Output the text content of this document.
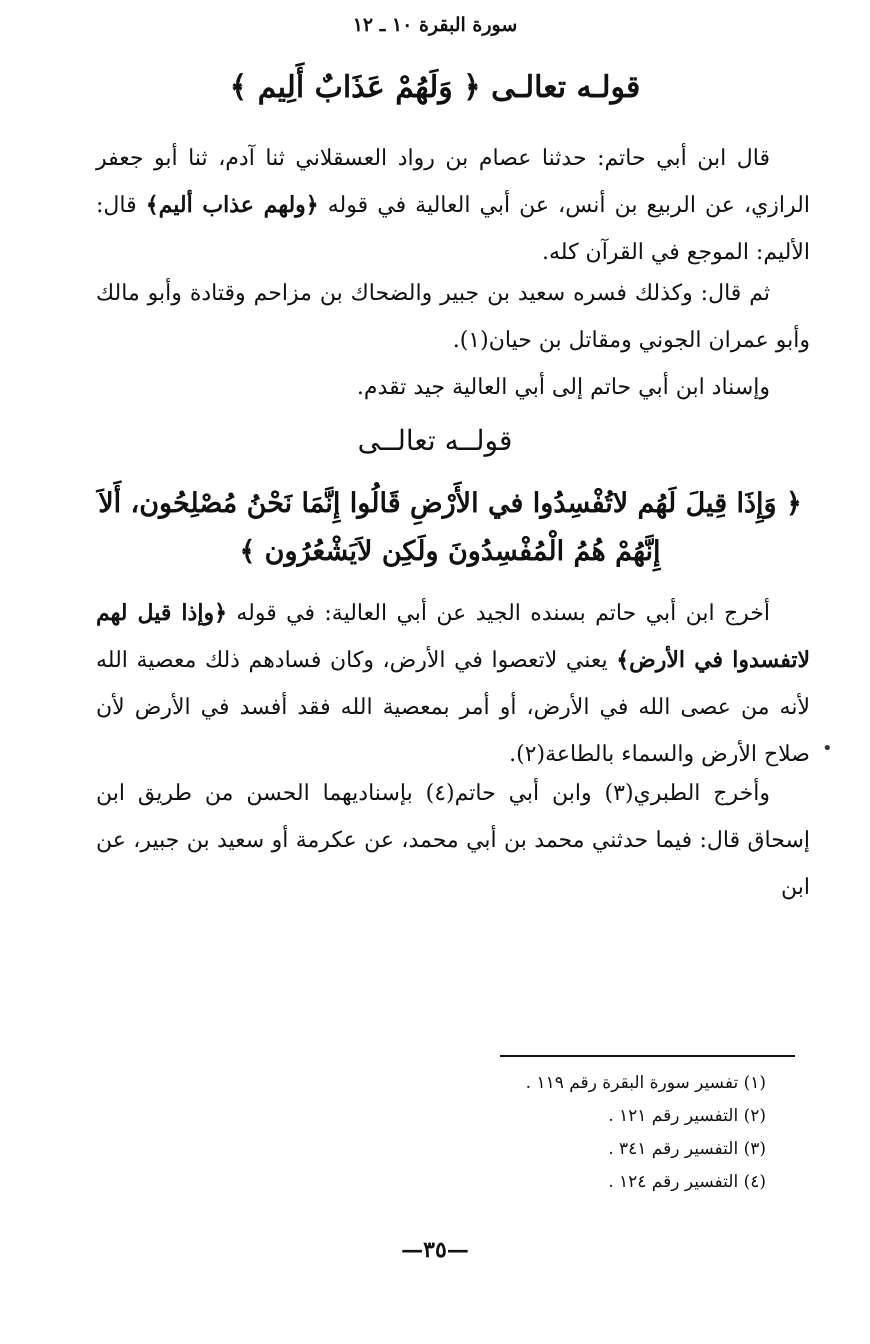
سورة البقرة ١٠ ـ ١٢
قولـه تعالـى ﴿ وَلَهُمْ عَذَابٌ أَلِيم ﴾
قال ابن أبي حاتم: حدثنا عصام بن رواد العسقلاني ثنا آدم، ثنا أبو جعفر الرازي، عن الربيع بن أنس، عن أبي العالية في قوله ﴿ولهم عذاب أليم﴾ قال: الأليم: الموجع في القرآن كله.
ثم قال: وكذلك فسره سعيد بن جبير والضحاك بن مزاحم وقتادة وأبو مالك وأبو عمران الجوني ومقاتل بن حيان(١).
وإسناد ابن أبي حاتم إلى أبي العالية جيد تقدم.
قولــه تعالــى
﴿ وَإِذَا قِيلَ لَهُم لاتُفْسِدُوا في الأَرْضِ قَالُوا إِنَّمَا نَحْنُ مُصْلِحُون، أَلاَ إِنَّهُمْ هُمُ الْمُفْسِدُونَ ولَكِن لاَيَشْعُرُون ﴾
أخرج ابن أبي حاتم بسنده الجيد عن أبي العالية: في قوله ﴿وإذا قيل لهم لاتفسدوا في الأرض﴾ يعني لاتعصوا في الأرض، وكان فسادهم ذلك معصية الله لأنه من عصى الله في الأرض، أو أمر بمعصية الله فقد أفسد في الأرض لأن صلاح الأرض والسماء بالطاعة(٢). •
وأخرج الطبري(٣) وابن أبي حاتم(٤) بإسناديهما الحسن من طريق ابن إسحاق قال: فيما حدثني محمد بن أبي محمد، عن عكرمة أو سعيد بن جبير، عن ابن
(١) تفسير سورة البقرة رقم ١١٩ .
(٢) التفسير رقم ١٢١ .
(٣) التفسير رقم ٣٤١ .
(٤) التفسير رقم ١٢٤ .
—٣٥—
